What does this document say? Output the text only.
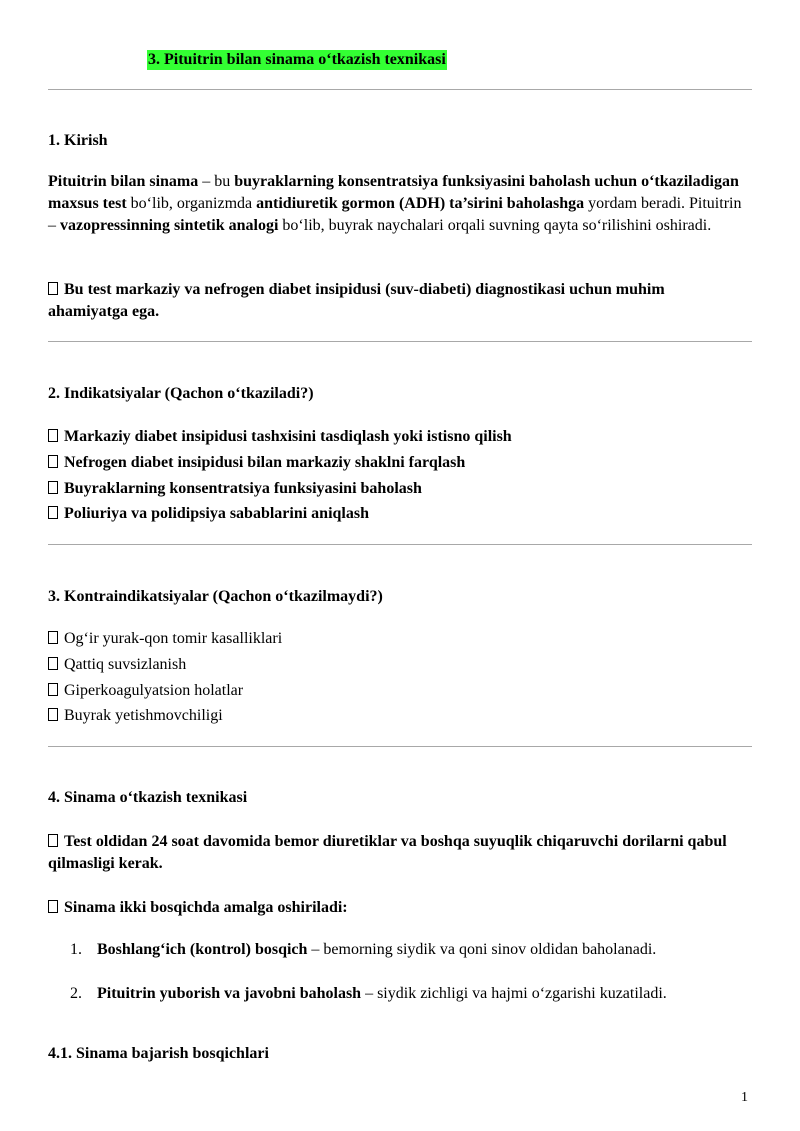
3. Pituitrin bilan sinama o‘tkazish texnikasi
1. Kirish
Pituitrin bilan sinama – bu buyraklarning konsentratsiya funksiyasini baholash uchun o‘tkaziladigan maxsus test bo‘lib, organizmda antidiuretik gormon (ADH) ta’sirini baholashga yordam beradi. Pituitrin – vazopressinning sintetik analogi bo‘lib, buyrak naychalari orqali suvning qayta so‘rilishini oshiradi.
Bu test markaziy va nefrogen diabet insipidusi (suv-diabeti) diagnostikasi uchun muhim ahamiyatga ega.
2. Indikatsiyalar (Qachon o‘tkaziladi?)
Markaziy diabet insipidusi tashxisini tasdiqlash yoki istisno qilish
Nefrogen diabet insipidusi bilan markaziy shaklni farqlash
Buyraklarning konsentratsiya funksiyasini baholash
Poliuriya va polidipsiya sabablarini aniqlash
3. Kontraindikatsiyalar (Qachon o‘tkazilmaydi?)
Og‘ir yurak-qon tomir kasalliklari
Qattiq suvsizlanish
Giperkoagulyatsion holatlar
Buyrak yetishmovchiligi
4. Sinama o‘tkazish texnikasi
Test oldidan 24 soat davomida bemor diuretiklar va boshqa suyuqlik chiqaruvchi dorilarni qabul qilmasligi kerak.
Sinama ikki bosqichda amalga oshiriladi:
1. Boshlang‘ich (kontrol) bosqich – bemorning siydik va qoni sinov oldidan baholanadi.
2. Pituitrin yuborish va javobni baholash – siydik zichligi va hajmi o‘zgarishi kuzatiladi.
4.1. Sinama bajarish bosqichlari
1
